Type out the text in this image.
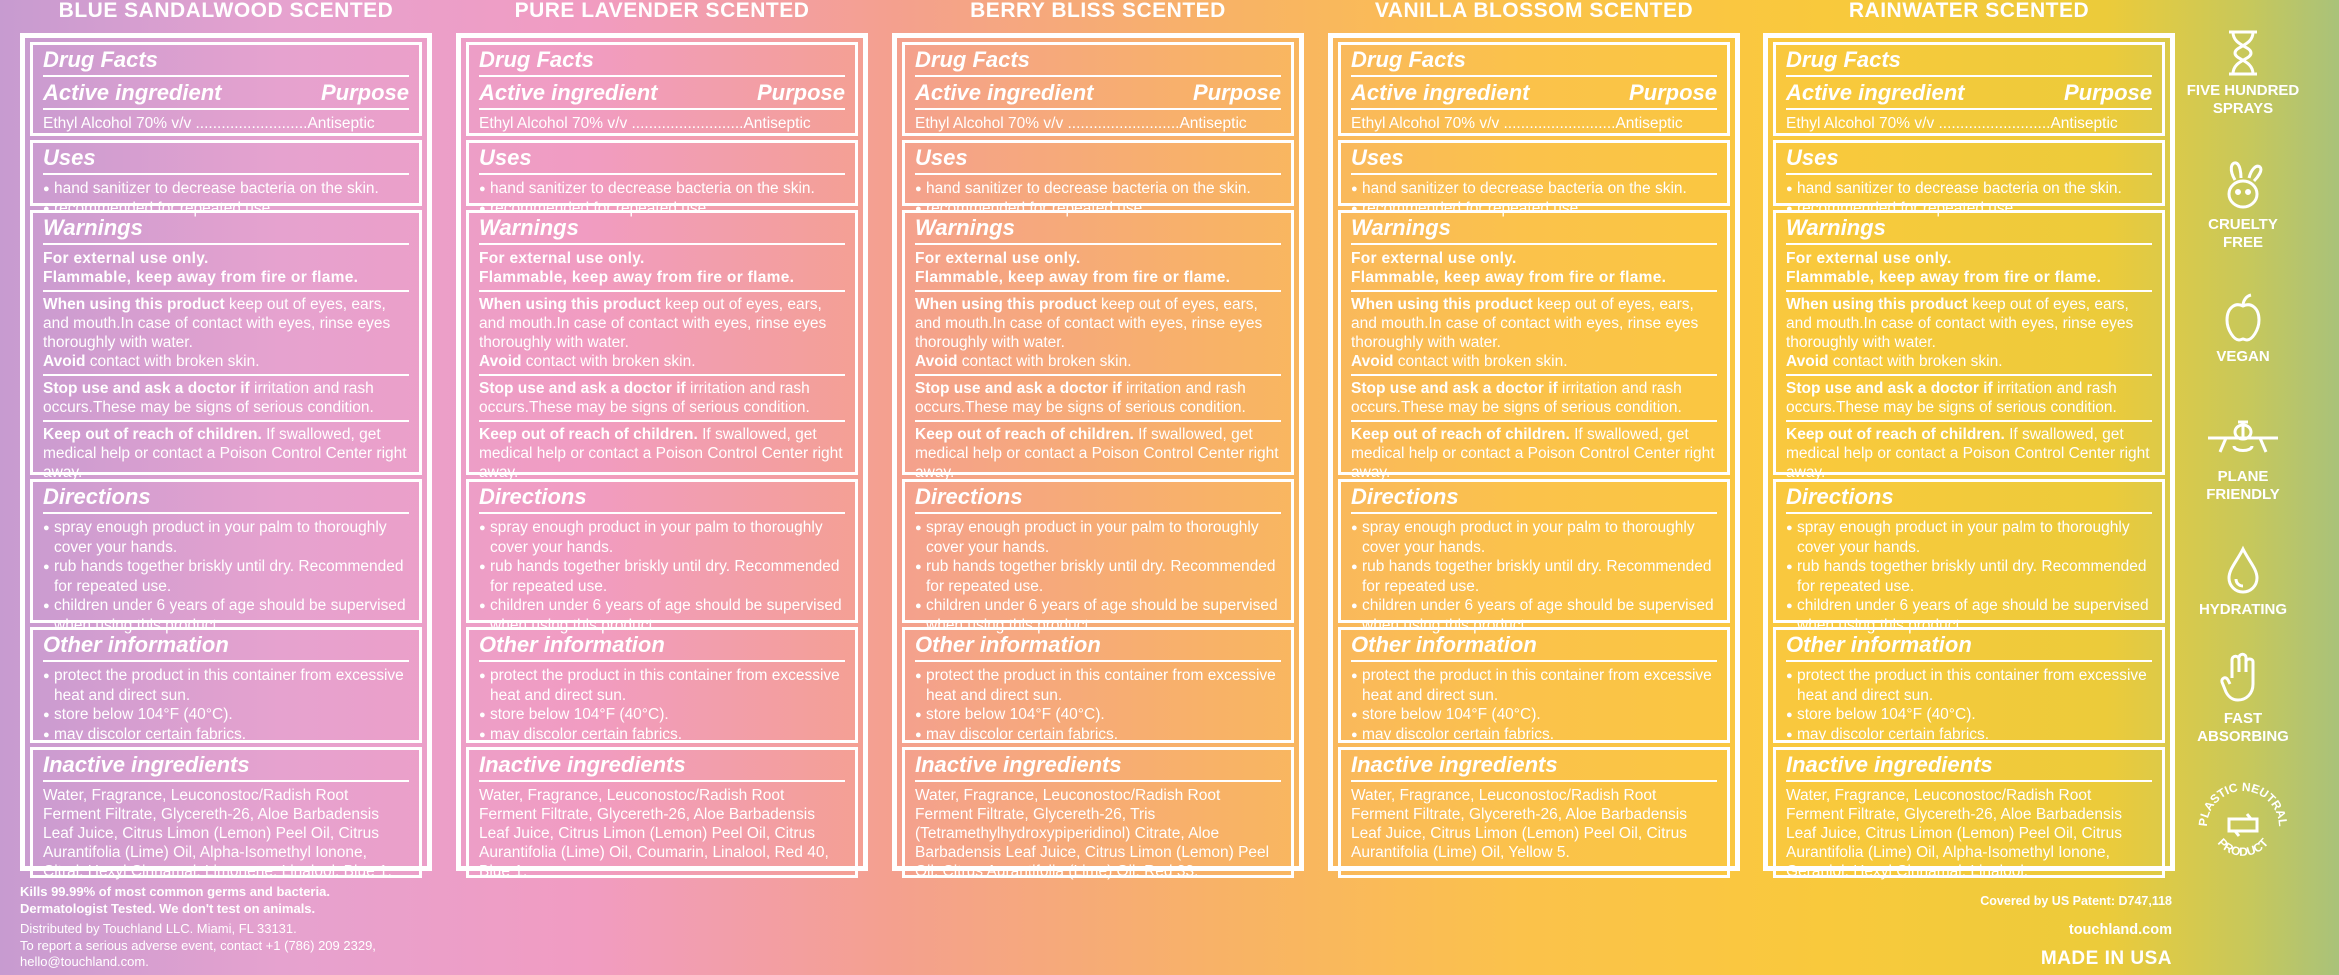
BLUE SANDALWOOD SCENTED
Drug Facts
Active ingredient	Purpose
Ethyl Alcohol 70% v/v ..........................Antiseptic
Uses
● hand sanitizer to decrease bacteria on the skin.
● recommended for repeated use.
Warnings
For external use only.
Flammable, keep away from fire or flame.
When using this product keep out of eyes, ears, and mouth.In case of contact with eyes, rinse eyes thoroughly with water.
Avoid contact with broken skin.
Stop use and ask a doctor if irritation and rash occurs.These may be signs of serious condition.
Keep out of reach of children. If swallowed, get medical help or contact a Poison Control Center right away.
Directions
● spray enough product in your palm to thoroughly cover your hands.
● rub hands together briskly until dry. Recommended for repeated use.
● children under 6 years of age should be supervised when using this product.
Other information
● protect the product in this container from excessive heat and direct sun.
● store below 104°F (40°C).
● may discolor certain fabrics.
Inactive ingredients
Water, Fragrance, Leuconostoc/Radish Root Ferment Filtrate, Glycereth-26, Aloe Barbadensis Leaf Juice, Citrus Limon (Lemon) Peel Oil, Citrus Aurantifolia (Lime) Oil, Alpha-Isomethyl Ionone, Citral, Hexyl Cinnamal, Limonene, Linalool, Blue 1.
PURE LAVENDER SCENTED
Drug Facts
Active ingredient	Purpose
Ethyl Alcohol 70% v/v ..........................Antiseptic
Uses
● hand sanitizer to decrease bacteria on the skin.
● recommended for repeated use.
Warnings
For external use only.
Flammable, keep away from fire or flame.
When using this product keep out of eyes, ears, and mouth.In case of contact with eyes, rinse eyes thoroughly with water.
Avoid contact with broken skin.
Stop use and ask a doctor if irritation and rash occurs.These may be signs of serious condition.
Keep out of reach of children. If swallowed, get medical help or contact a Poison Control Center right away.
Directions
● spray enough product in your palm to thoroughly cover your hands.
● rub hands together briskly until dry. Recommended for repeated use.
● children under 6 years of age should be supervised when using this product.
Other information
● protect the product in this container from excessive heat and direct sun.
● store below 104°F (40°C).
● may discolor certain fabrics.
Inactive ingredients
Water, Fragrance, Leuconostoc/Radish Root Ferment Filtrate, Glycereth-26, Aloe Barbadensis Leaf Juice, Citrus Limon (Lemon) Peel Oil, Citrus Aurantifolia (Lime) Oil, Coumarin, Linalool, Red 40, Blue 1.
BERRY BLISS SCENTED
Drug Facts
Active ingredient	Purpose
Ethyl Alcohol 70% v/v ..........................Antiseptic
Uses
● hand sanitizer to decrease bacteria on the skin.
● recommended for repeated use.
Warnings
For external use only.
Flammable, keep away from fire or flame.
When using this product keep out of eyes, ears, and mouth.In case of contact with eyes, rinse eyes thoroughly with water.
Avoid contact with broken skin.
Stop use and ask a doctor if irritation and rash occurs.These may be signs of serious condition.
Keep out of reach of children. If swallowed, get medical help or contact a Poison Control Center right away.
Directions
● spray enough product in your palm to thoroughly cover your hands.
● rub hands together briskly until dry. Recommended for repeated use.
● children under 6 years of age should be supervised when using this product.
Other information
● protect the product in this container from excessive heat and direct sun.
● store below 104°F (40°C).
● may discolor certain fabrics.
Inactive ingredients
Water, Fragrance, Leuconostoc/Radish Root Ferment Filtrate, Glycereth-26, Tris (Tetramethylhydroxypiperidinol) Citrate, Aloe Barbadensis Leaf Juice, Citrus Limon (Lemon) Peel Oil, Citrus Aurantifolia (Lime) Oil, Red 33.
VANILLA BLOSSOM SCENTED
Drug Facts
Active ingredient	Purpose
Ethyl Alcohol 70% v/v ..........................Antiseptic
Uses
● hand sanitizer to decrease bacteria on the skin.
● recommended for repeated use.
Warnings
For external use only.
Flammable, keep away from fire or flame.
When using this product keep out of eyes, ears, and mouth.In case of contact with eyes, rinse eyes thoroughly with water.
Avoid contact with broken skin.
Stop use and ask a doctor if irritation and rash occurs.These may be signs of serious condition.
Keep out of reach of children. If swallowed, get medical help or contact a Poison Control Center right away.
Directions
● spray enough product in your palm to thoroughly cover your hands.
● rub hands together briskly until dry. Recommended for repeated use.
● children under 6 years of age should be supervised when using this product.
Other information
● protect the product in this container from excessive heat and direct sun.
● store below 104°F (40°C).
● may discolor certain fabrics.
Inactive ingredients
Water, Fragrance, Leuconostoc/Radish Root Ferment Filtrate, Glycereth-26, Aloe Barbadensis Leaf Juice, Citrus Limon (Lemon) Peel Oil, Citrus Aurantifolia (Lime) Oil, Yellow 5.
RAINWATER SCENTED
Drug Facts
Active ingredient	Purpose
Ethyl Alcohol 70% v/v ..........................Antiseptic
Uses
● hand sanitizer to decrease bacteria on the skin.
● recommended for repeated use.
Warnings
For external use only.
Flammable, keep away from fire or flame.
When using this product keep out of eyes, ears, and mouth.In case of contact with eyes, rinse eyes thoroughly with water.
Avoid contact with broken skin.
Stop use and ask a doctor if irritation and rash occurs.These may be signs of serious condition.
Keep out of reach of children. If swallowed, get medical help or contact a Poison Control Center right away.
Directions
● spray enough product in your palm to thoroughly cover your hands.
● rub hands together briskly until dry. Recommended for repeated use.
● children under 6 years of age should be supervised when using this product.
Other information
● protect the product in this container from excessive heat and direct sun.
● store below 104°F (40°C).
● may discolor certain fabrics.
Inactive ingredients
Water, Fragrance, Leuconostoc/Radish Root Ferment Filtrate, Glycereth-26, Aloe Barbadensis Leaf Juice, Citrus Limon (Lemon) Peel Oil, Citrus Aurantifolia (Lime) Oil, Alpha-Isomethyl Ionone, Geraniol, Hexyl Cinnamal, Linalool.
FIVE HUNDRED
SPRAYS
CRUELTY
FREE
VEGAN
PLANE
FRIENDLY
HYDRATING
FAST
ABSORBING
PLASTIC NEUTRAL
PRODUCT
Kills 99.99% of most common germs and bacteria.
Dermatologist Tested. We don't test on animals.
Distributed by Touchland LLC. Miami, FL 33131.
To report a serious adverse event, contact +1 (786) 209 2329,
hello@touchland.com.
Covered by US Patent: D747,118
touchland.com
MADE IN USA
